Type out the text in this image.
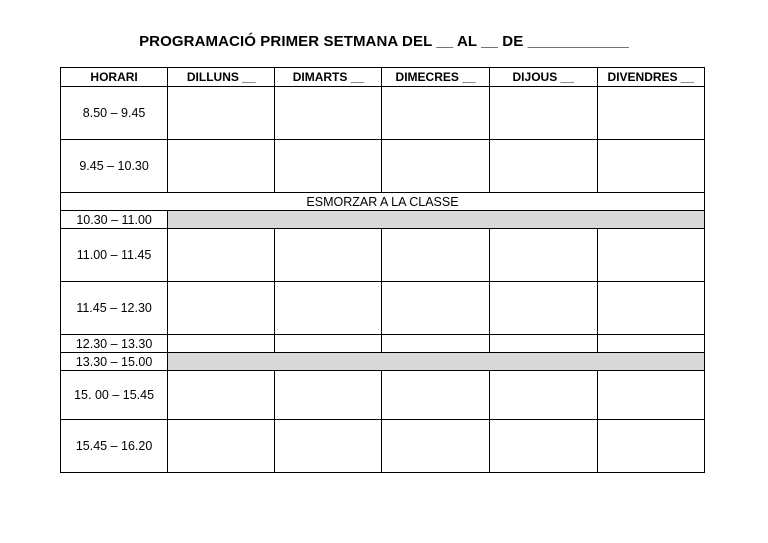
PROGRAMACIÓ PRIMER SETMANA DEL __ AL __ DE ____________
HORARI	DILLUNS __	DIMARTS __	DIMECRES __	DIJOUS __	DIVENDRES __
8.50 – 9.45					
9.45 – 10.30					
ESMORZAR A LA CLASSE					
10.30 – 11.00					
11.00 – 11.45					
11.45 – 12.30					
12.30 – 13.30					
13.30 – 15.00					
15. 00 – 15.45					
15.45 – 16.20					
